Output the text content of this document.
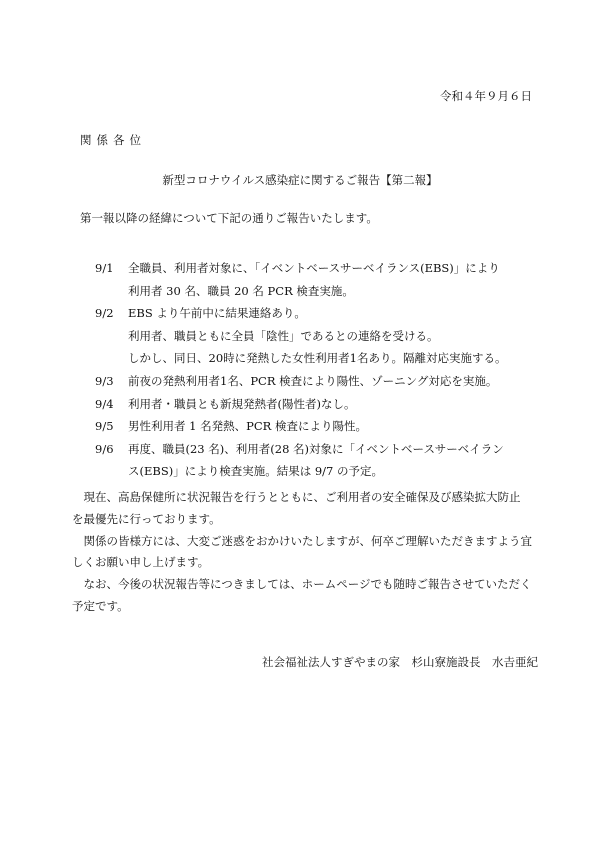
令和４年９月６日
関係各位
新型コロナウイルス感染症に関するご報告【第二報】
第一報以降の経緯について下記の通りご報告いたします。
9/1	全職員、利用者対象に、「イベントベースサーベイランス(EBS)」により
利用者 30 名、職員 20 名 PCR 検査実施。
9/2	EBS より午前中に結果連絡あり。
利用者、職員ともに全員「陰性」であるとの連絡を受ける。
しかし、同日、20時に発熱した女性利用者1名あり。隔離対応実施する。
9/3	前夜の発熱利用者1名、PCR 検査により陽性、ゾーニング対応を実施。
9/4	利用者・職員とも新規発熱者(陽性者)なし。
9/5	男性利用者 1 名発熱、PCR 検査により陽性。
9/6	再度、職員(23 名)、利用者(28 名)対象に「イベントベースサーベイラン
ス(EBS)」により検査実施。結果は 9/7 の予定。
　現在、高島保健所に状況報告を行うとともに、ご利用者の安全確保及び感染拡大防止
を最優先に行っております。
　関係の皆様方には、大変ご迷惑をおかけいたしますが、何卒ご理解いただきますよう宜
しくお願い申し上げます。
　なお、今後の状況報告等につきましては、ホームページでも随時ご報告させていただく
予定です。
社会福祉法人すぎやまの家　杉山寮施設長　水𠮷亜紀
